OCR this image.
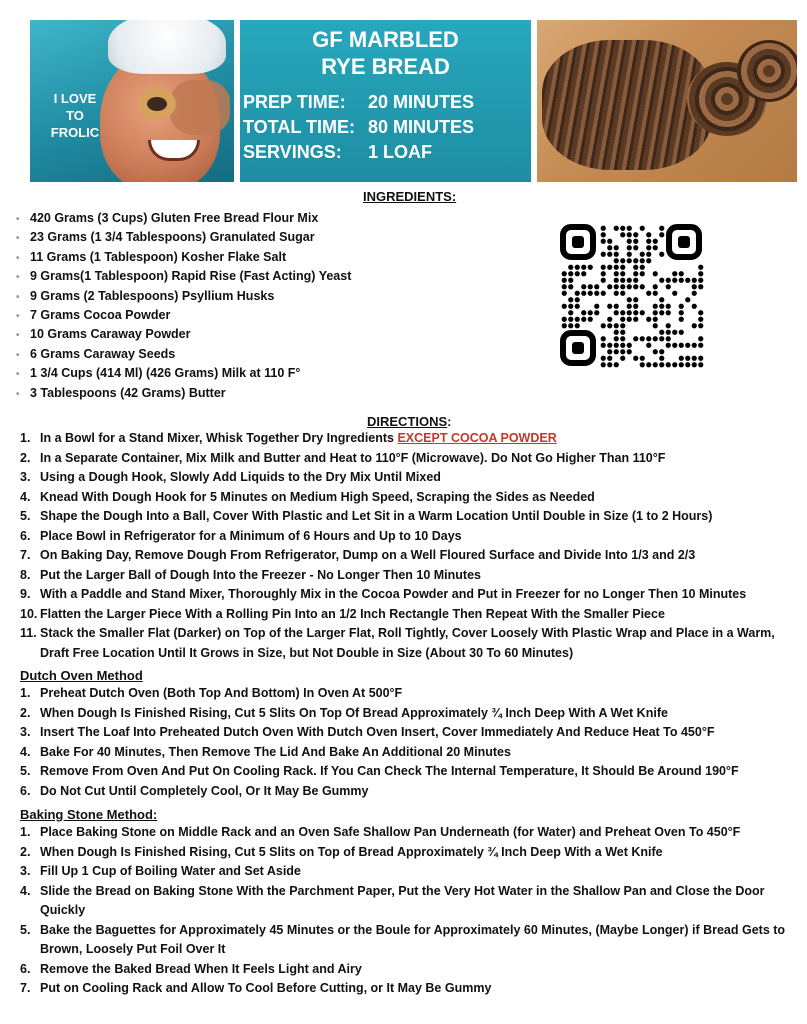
I LOVE
TO
FROLIC
GF MARBLED
RYE BREAD
PREP TIME: 20 MINUTES
TOTAL TIME: 80 MINUTES
SERVINGS: 1 LOAF
INGREDIENTS:
• 420 Grams (3 Cups) Gluten Free Bread Flour Mix
• 23 Grams (1 3/4 Tablespoons) Granulated Sugar
• 11 Grams (1 Tablespoon) Kosher Flake Salt
• 9 Grams(1 Tablespoon) Rapid Rise (Fast Acting) Yeast
• 9 Grams (2 Tablespoons) Psyllium Husks
• 7 Grams Cocoa Powder
• 10 Grams Caraway Powder
• 6 Grams Caraway Seeds
• 1 3/4 Cups (414 Ml) (426 Grams) Milk at 110 F°
• 3 Tablespoons (42 Grams) Butter
DIRECTIONS:
1. In a Bowl for a Stand Mixer, Whisk Together Dry Ingredients EXCEPT COCOA POWDER
2. In a Separate Container, Mix Milk and Butter and Heat to 110°F (Microwave). Do Not Go Higher Than 110°F
3. Using a Dough Hook, Slowly Add Liquids to the Dry Mix Until Mixed
4. Knead With Dough Hook for 5 Minutes on Medium High Speed, Scraping the Sides as Needed
5. Shape the Dough Into a Ball, Cover With Plastic and Let Sit in a Warm Location Until Double in Size (1 to 2 Hours)
6. Place Bowl in Refrigerator for a Minimum of 6 Hours and Up to 10 Days
7. On Baking Day, Remove Dough From Refrigerator, Dump on a Well Floured Surface and Divide Into 1/3 and 2/3
8. Put the Larger Ball of Dough Into the Freezer - No Longer Then 10 Minutes
9. With a Paddle and Stand Mixer, Thoroughly Mix in the Cocoa Powder and Put in Freezer for no Longer Then 10 Minutes
10. Flatten the Larger Piece With a Rolling Pin Into an 1/2 Inch Rectangle Then Repeat With the Smaller Piece
11. Stack the Smaller Flat (Darker) on Top of the Larger Flat, Roll Tightly, Cover Loosely With Plastic Wrap and Place in a Warm, Draft Free Location Until It Grows in Size, but Not Double in Size (About 30 To 60 Minutes)
Dutch Oven Method
1. Preheat Dutch Oven (Both Top And Bottom) In Oven At 500°F
2. When Dough Is Finished Rising, Cut 5 Slits On Top Of Bread Approximately ¾ Inch Deep With A Wet Knife
3. Insert The Loaf Into Preheated Dutch Oven With Dutch Oven Insert, Cover Immediately And Reduce Heat To 450°F
4. Bake For 40 Minutes, Then Remove The Lid And Bake An Additional 20 Minutes
5. Remove From Oven And Put On Cooling Rack. If You Can Check The Internal Temperature, It Should Be Around 190°F
6. Do Not Cut Until Completely Cool, Or It May Be Gummy
Baking Stone Method:
1. Place Baking Stone on Middle Rack and an Oven Safe Shallow Pan Underneath (for Water) and Preheat Oven To 450°F
2. When Dough Is Finished Rising, Cut 5 Slits on Top of Bread Approximately ¾ Inch Deep With a Wet Knife
3. Fill Up 1 Cup of Boiling Water and Set Aside
4. Slide the Bread on Baking Stone With the Parchment Paper, Put the Very Hot Water in the Shallow Pan and Close the Door Quickly
5. Bake the Baguettes for Approximately 45 Minutes or the Boule for Approximately 60 Minutes, (Maybe Longer) if Bread Gets to Brown, Loosely Put Foil Over It
6. Remove the Baked Bread When It Feels Light and Airy
7. Put on Cooling Rack and Allow To Cool Before Cutting, or It May Be Gummy
